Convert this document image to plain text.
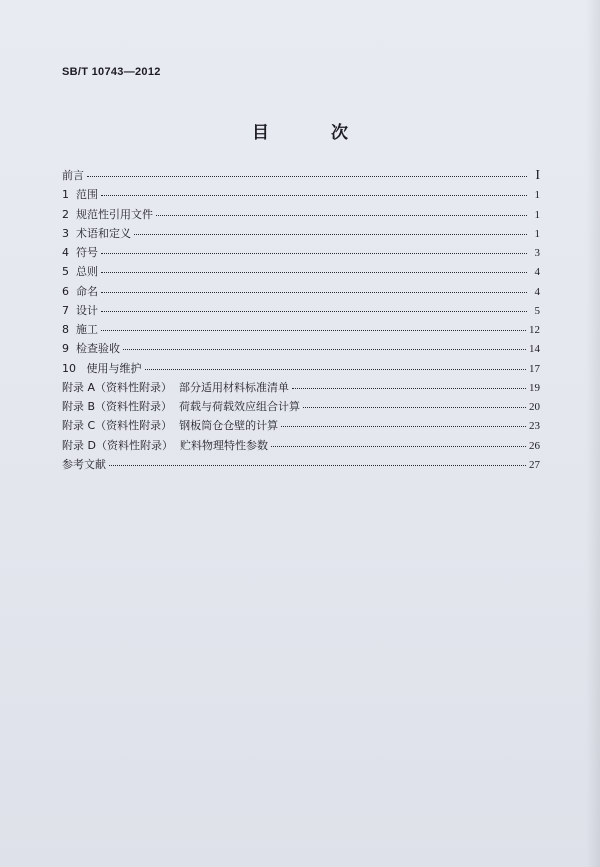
SB/T 10743—2012
目 次
前言	I
1  范围	1
2  规范性引用文件	1
3  术语和定义	1
4  符号	3
5  总则	4
6  命名	4
7  设计	5
8  施工	12
9  检查验收	14
10   使用与维护	17
附录 A（资料性附录）  部分适用材料标准清单	19
附录 B（资料性附录）  荷载与荷载效应组合计算	20
附录 C（资料性附录）  钢板筒仓仓壁的计算	23
附录 D（资料性附录）  贮料物理特性参数	26
参考文献	27
